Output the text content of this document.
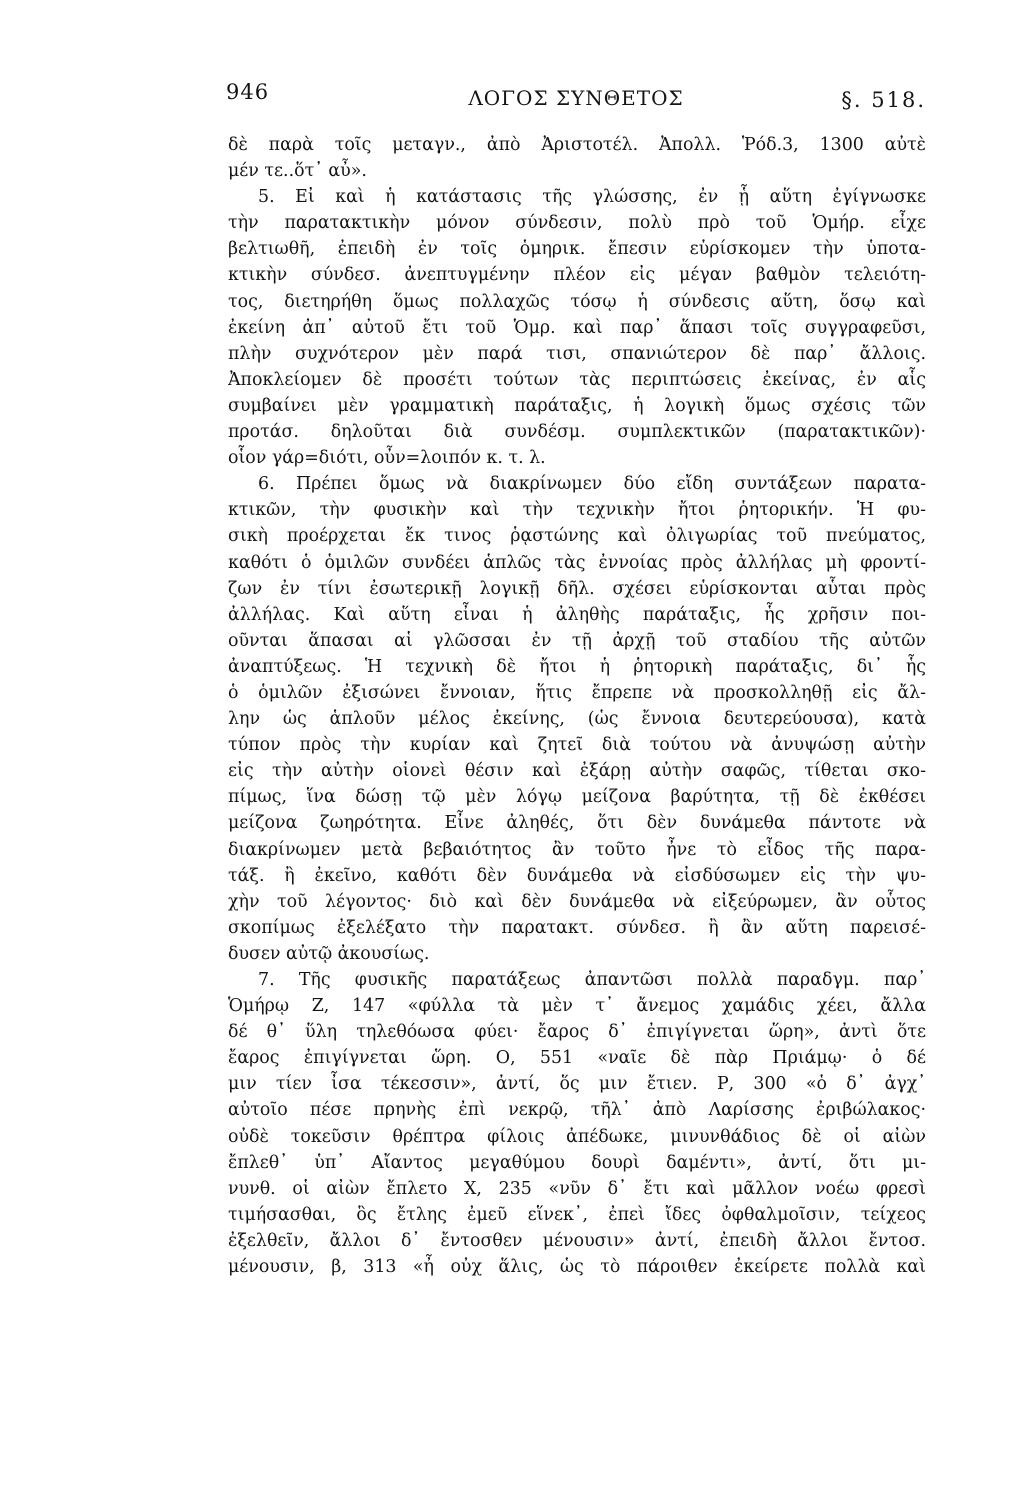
946	ΛΟΓΟΣ ΣΥΝΘΕΤΟΣ	§. 518.
δὲ παρὰ τοῖς μεταγν., ἀπὸ Ἀριστοτέλ. Ἀπολλ. Ῥόδ.3, 1300 αὐτὲ
μέν τε..ὅτ᾽ αὖ».
5. Εἰ καὶ ἡ κατάστασις τῆς γλώσσης, ἐν ᾗ αὕτη ἐγίγνωσκε
τὴν παρατακτικὴν μόνον σύνδεσιν, πολὺ πρὸ τοῦ Ὁμήρ. εἶχε
βελτιωθῆ, ἐπειδὴ ἐν τοῖς ὁμηρικ. ἔπεσιν εὑρίσκομεν τὴν ὑποτα-
κτικὴν σύνδεσ. ἀνεπτυγμένην πλέον εἰς μέγαν βαθμὸν τελειότη-
τος, διετηρήθη ὅμως πολλαχῶς τόσῳ ἡ σύνδεσις αὕτη, ὅσῳ καὶ
ἐκείνη ἀπ᾽ αὐτοῦ ἔτι τοῦ Ὁμρ. καὶ παρ᾽ ἅπασι τοῖς συγγραφεῦσι,
πλὴν συχνότερον μὲν παρά τισι, σπανιώτερον δὲ παρ᾽ ἄλλοις.
Ἀποκλείομεν δὲ προσέτι τούτων τὰς περιπτώσεις ἐκείνας, ἐν αἷς
συμβαίνει μὲν γραμματικὴ παράταξις, ἡ λογικὴ ὅμως σχέσις τῶν
προτάσ. δηλοῦται διὰ συνδέσμ. συμπλεκτικῶν (παρατακτικῶν)·
οἷον γάρ=διότι, οὖν=λοιπόν κ. τ. λ.
6. Πρέπει ὅμως νὰ διακρίνωμεν δύο εἴδη συντάξεων παρατα-
κτικῶν, τὴν φυσικὴν καὶ τὴν τεχνικὴν ἤτοι ῥητορικήν. Ἡ φυ-
σικὴ προέρχεται ἔκ τινος ῥᾳστώνης καὶ ὀλιγωρίας τοῦ πνεύματος,
καθότι ὁ ὁμιλῶν συνδέει ἁπλῶς τὰς ἐννοίας πρὸς ἀλλήλας μὴ φροντί-
ζων ἐν τίνι ἐσωτερικῇ λογικῇ δῆλ. σχέσει εὑρίσκονται αὗται πρὸς
ἀλλήλας. Καὶ αὕτη εἶναι ἡ ἀληθὴς παράταξις, ἧς χρῆσιν ποι-
οῦνται ἅπασαι αἱ γλῶσσαι ἐν τῇ ἀρχῇ τοῦ σταδίου τῆς αὐτῶν
ἀναπτύξεως. Ἡ τεχνικὴ δὲ ἤτοι ἡ ῥητορικὴ παράταξις, δι᾽ ἧς
ὁ ὁμιλῶν ἐξισώνει ἔννοιαν, ἥτις ἔπρεπε νὰ προσκολληθῇ εἰς ἄλ-
λην ὡς ἁπλοῦν μέλος ἐκείνης, (ὡς ἔννοια δευτερεύουσα), κατὰ
τύπον πρὸς τὴν κυρίαν καὶ ζητεῖ διὰ τούτου νὰ ἀνυψώσῃ αὐτὴν
εἰς τὴν αὐτὴν οἱονεὶ θέσιν καὶ ἐξάρῃ αὐτὴν σαφῶς, τίθεται σκο-
πίμως, ἵνα δώσῃ τῷ μὲν λόγῳ μείζονα βαρύτητα, τῇ δὲ ἐκθέσει
μείζονα ζωηρότητα. Εἶνε ἀληθές, ὅτι δὲν δυνάμεθα πάντοτε νὰ
διακρίνωμεν μετὰ βεβαιότητος ἂν τοῦτο ἦνε τὸ εἶδος τῆς παρα-
τάξ. ἢ ἐκεῖνο, καθότι δὲν δυνάμεθα νὰ εἰσδύσωμεν εἰς τὴν ψυ-
χὴν τοῦ λέγοντος· διὸ καὶ δὲν δυνάμεθα νὰ εἰξεύρωμεν, ἂν οὗτος
σκοπίμως ἐξελέξατο τὴν παρατακτ. σύνδεσ. ἢ ἂν αὕτη παρεισέ-
δυσεν αὐτῷ ἀκουσίως.
7. Τῆς φυσικῆς παρατάξεως ἀπαντῶσι πολλὰ παραδγμ. παρ᾽
Ὁμήρῳ Ζ, 147 «φύλλα τὰ μὲν τ᾽ ἄνεμος χαμάδις χέει, ἄλλα
δέ θ᾽ ὕλη τηλεθόωσα φύει· ἔαρος δ᾽ ἐπιγίγνεται ὥρη», ἀντὶ ὅτε
ἔαρος ἐπιγίγνεται ὥρη. Ο, 551 «ναῖε δὲ πὰρ Πριάμῳ· ὁ δέ
μιν τίεν ἶσα τέκεσσιν», ἀντί, ὅς μιν ἔτιεν. Ρ, 300 «ὁ δ᾽ ἀγχ᾽
αὐτοῖο πέσε πρηνὴς ἐπὶ νεκρῷ, τῆλ᾽ ἀπὸ Λαρίσσης ἐριβώλακος·
οὐδὲ τοκεῦσιν θρέπτρα φίλοις ἀπέδωκε, μινυνθάδιος δὲ οἱ αἰὼν
ἔπλεθ᾽ ὑπ᾽ Αἴαντος μεγαθύμου δουρὶ δαμέντι», ἀντί, ὅτι μι-
νυνθ. οἱ αἰὼν ἔπλετο Χ, 235 «νῦν δ᾽ ἔτι καὶ μᾶλλον νοέω φρεσὶ
τιμήσασθαι, ὃς ἔτλης ἐμεῦ εἵνεκ᾽, ἐπεὶ ἴδες ὀφθαλμοῖσιν, τείχεος
ἐξελθεῖν, ἄλλοι δ᾽ ἔντοσθεν μένουσιν» ἀντί, ἐπειδὴ ἄλλοι ἔντοσ.
μένουσιν, β, 313 «ἦ οὐχ ἅλις, ὡς τὸ πάροιθεν ἐκείρετε πολλὰ καὶ
